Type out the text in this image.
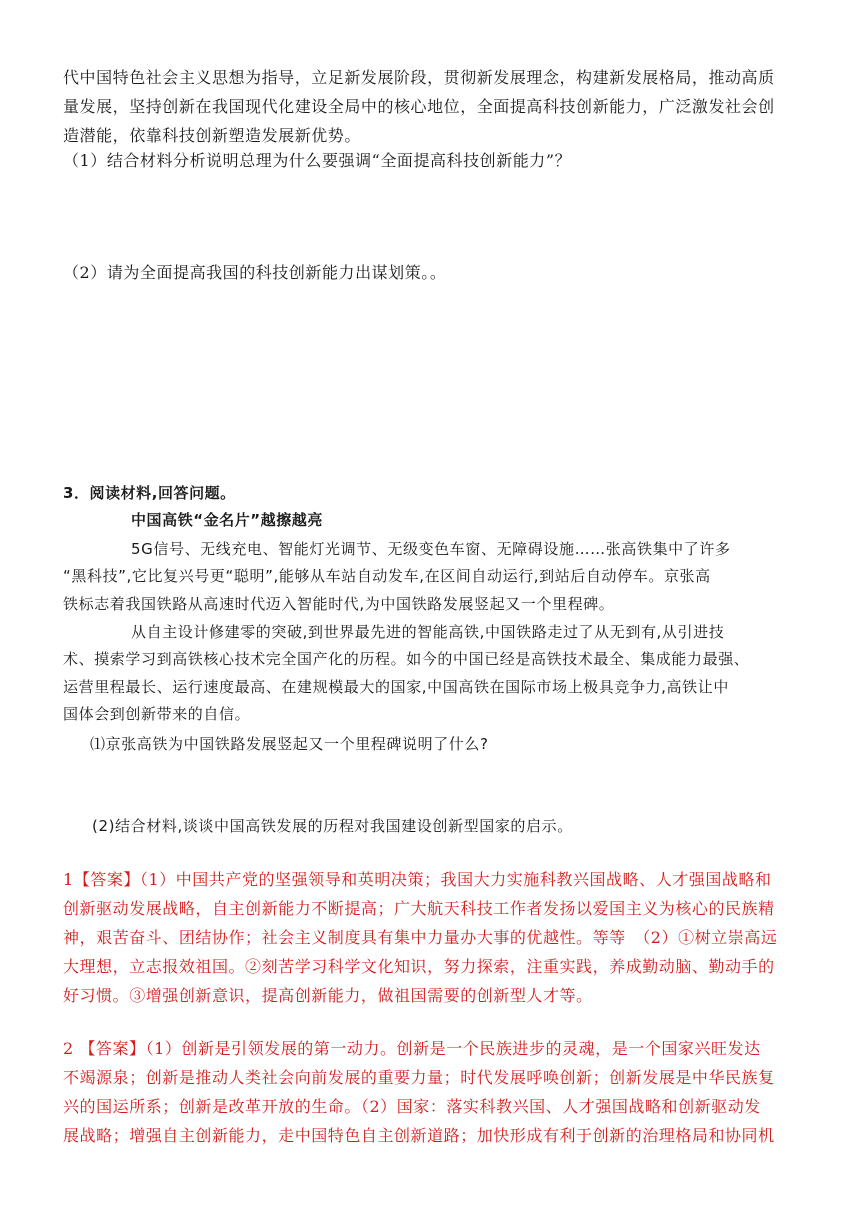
代中国特色社会主义思想为指导，立足新发展阶段，贯彻新发展理念，构建新发展格局，推动高质
量发展，坚持创新在我国现代化建设全局中的核心地位，全面提高科技创新能力，广泛激发社会创
造潜能，依靠科技创新塑造发展新优势。
（1）结合材料分析说明总理为什么要强调“全面提高科技创新能力”？
（2）请为全面提高我国的科技创新能力出谋划策。。
3．阅读材料,回答问题。
中国高铁“金名片”越擦越亮
5G信号、无线充电、智能灯光调节、无级变色车窗、无障碍设施……张高铁集中了许多
“黑科技”,它比复兴号更“聪明”,能够从车站自动发车,在区间自动运行,到站后自动停车。京张高
铁标志着我国铁路从高速时代迈入智能时代,为中国铁路发展竖起又一个里程碑。
从自主设计修建零的突破,到世界最先进的智能高铁,中国铁路走过了从无到有,从引进技
术、摸索学习到高铁核心技术完全国产化的历程。如今的中国已经是高铁技术最全、集成能力最强、
运营里程最长、运行速度最高、在建规模最大的国家,中国高铁在国际市场上极具竞争力,高铁让中
国体会到创新带来的自信。
⑴京张高铁为中国铁路发展竖起又一个里程碑说明了什么?
(2)结合材料,谈谈中国高铁发展的历程对我国建设创新型国家的启示。
1【答案】（1）中国共产党的坚强领导和英明决策；我国大力实施科教兴国战略、人才强国战略和
创新驱动发展战略，自主创新能力不断提高；广大航天科技工作者发扬以爱国主义为核心的民族精
神，艰苦奋斗、团结协作；社会主义制度具有集中力量办大事的优越性。等等　（2）①树立崇高远
大理想，立志报效祖国。②刻苦学习科学文化知识，努力探索，注重实践，养成勤动脑、勤动手的
好习惯。③增强创新意识，提高创新能力，做祖国需要的创新型人才等。
2 【答案】（1）创新是引领发展的第一动力。创新是一个民族进步的灵魂，是一个国家兴旺发达
不竭源泉；创新是推动人类社会向前发展的重要力量；时代发展呼唤创新；创新发展是中华民族复
兴的国运所系；创新是改革开放的生命。（2）国家：落实科教兴国、人才强国战略和创新驱动发
展战略；增强自主创新能力，走中国特色自主创新道路；加快形成有利于创新的治理格局和协同机
